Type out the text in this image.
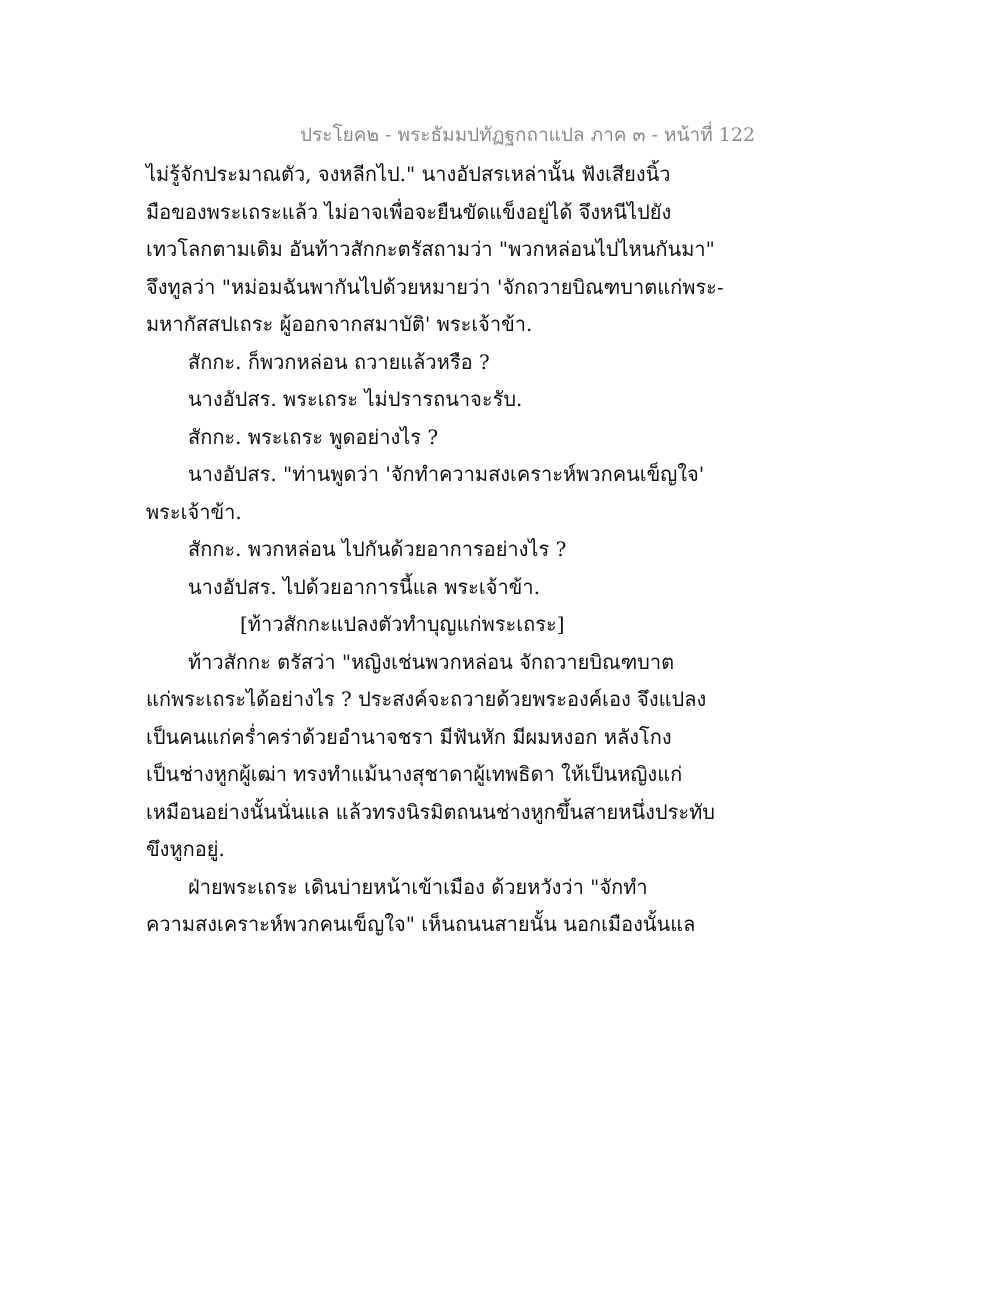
ประโยค๒ - พระธัมมปทัฏฐกถาแปล ภาค ๓ - หน้าที่ 122
ไม่รู้จักประมาณตัว, จงหลีกไป." นางอัปสรเหล่านั้น ฟังเสียงนิ้ว
มือของพระเถระแล้ว ไม่อาจเพื่อจะยืนขัดแข็งอยู่ได้ จึงหนีไปยัง
เทวโลกตามเดิม อันท้าวสักกะตรัสถามว่า "พวกหล่อนไปไหนกันมา"
จึงทูลว่า "หม่อมฉันพากันไปด้วยหมายว่า 'จักถวายบิณฑบาตแก่พระ-
มหากัสสปเถระ ผู้ออกจากสมาบัติ' พระเจ้าข้า.
สักกะ. ก็พวกหล่อน ถวายแล้วหรือ ?
นางอัปสร. พระเถระ ไม่ปรารถนาจะรับ.
สักกะ. พระเถระ พูดอย่างไร ?
นางอัปสร. "ท่านพูดว่า 'จักทำความสงเคราะห์พวกคนเข็ญใจ'
พระเจ้าข้า.
สักกะ. พวกหล่อน ไปกันด้วยอาการอย่างไร ?
นางอัปสร. ไปด้วยอาการนี้แล พระเจ้าข้า.
[ท้าวสักกะแปลงตัวทำบุญแก่พระเถระ]
ท้าวสักกะ ตรัสว่า "หญิงเช่นพวกหล่อน จักถวายบิณฑบาต
แก่พระเถระได้อย่างไร ? ประสงค์จะถวายด้วยพระองค์เอง จึงแปลง
เป็นคนแก่คร่ำคร่าด้วยอำนาจชรา มีฟันหัก มีผมหงอก หลังโกง
เป็นช่างหูกผู้เฒ่า ทรงทำแม้นางสุชาดาผู้เทพธิดา ให้เป็นหญิงแก่
เหมือนอย่างนั้นนั่นแล แล้วทรงนิรมิตถนนช่างหูกขึ้นสายหนึ่งประทับ
ขึงหูกอยู่.
ฝ่ายพระเถระ เดินบ่ายหน้าเข้าเมือง ด้วยหวังว่า "จักทำ
ความสงเคราะห์พวกคนเข็ญใจ" เห็นถนนสายนั้น นอกเมืองนั้นแล
